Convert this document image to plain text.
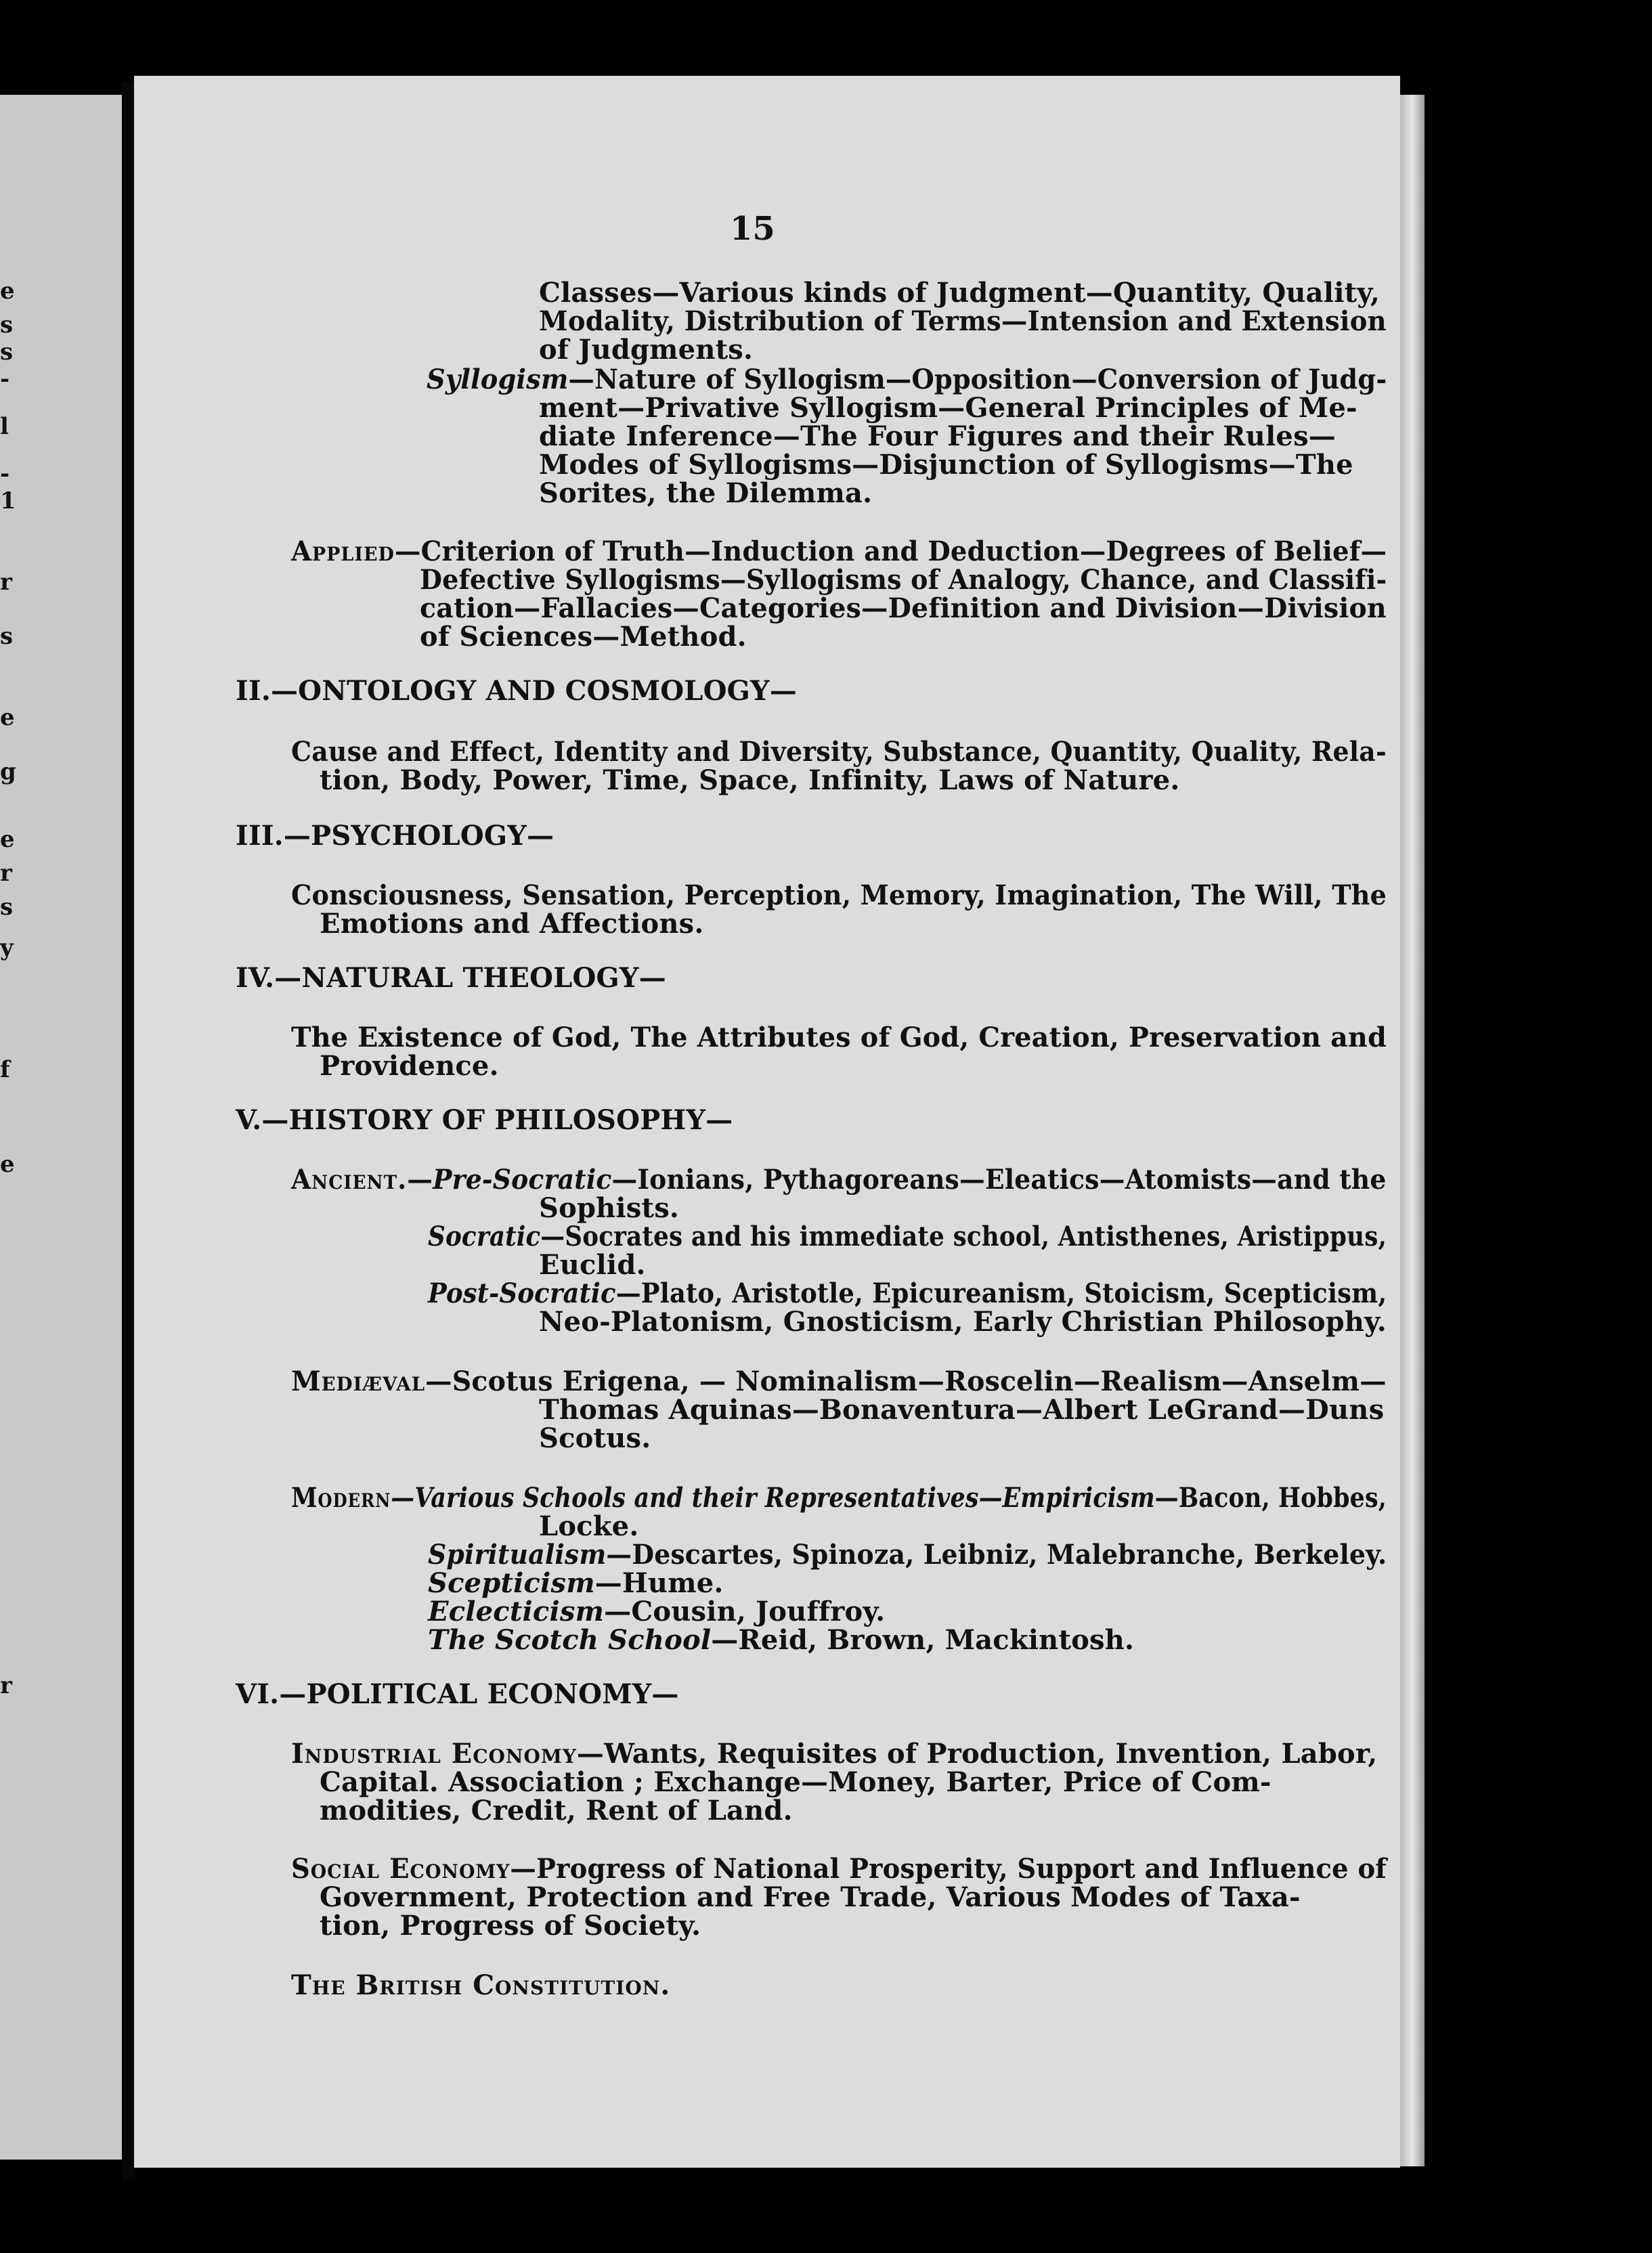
e
s
s
-
l
-
1
r
s
e
g
e
r
s
y
f
e
r
15
Classes—Various kinds of Judgment—Quantity, Quality,
Modality, Distribution of Terms—Intension and Extension
of Judgments.
Syllogism—Nature of Syllogism—Opposition—Conversion of Judg-
ment—Privative Syllogism—General Principles of Me-
diate Inference—The Four Figures and their Rules—
Modes of Syllogisms—Disjunction of Syllogisms—The
Sorites, the Dilemma.
Applied—Criterion of Truth—Induction and Deduction—Degrees of Belief—
Defective Syllogisms—Syllogisms of Analogy, Chance, and Classifi-
cation—Fallacies—Categories—Definition and Division—Division
of Sciences—Method.
II.—ONTOLOGY AND COSMOLOGY—
Cause and Effect, Identity and Diversity, Substance, Quantity, Quality, Rela-
tion, Body, Power, Time, Space, Infinity, Laws of Nature.
III.—PSYCHOLOGY—
Consciousness, Sensation, Perception, Memory, Imagination, The Will, The
Emotions and Affections.
IV.—NATURAL THEOLOGY—
The Existence of God, The Attributes of God, Creation, Preservation and
Providence.
V.—HISTORY OF PHILOSOPHY—
Ancient.—Pre-Socratic—Ionians, Pythagoreans—Eleatics—Atomists—and the
Sophists.
Socratic—Socrates and his immediate school, Antisthenes, Aristippus,
Euclid.
Post-Socratic—Plato, Aristotle, Epicureanism, Stoicism, Scepticism,
Neo-Platonism, Gnosticism, Early Christian Philosophy.
Mediæval—Scotus Erigena, — Nominalism—Roscelin—Realism—Anselm—
Thomas Aquinas—Bonaventura—Albert LeGrand—Duns
Scotus.
Modern—Various Schools and their Representatives—Empiricism—Bacon, Hobbes,
Locke.
Spiritualism—Descartes, Spinoza, Leibniz, Malebranche, Berkeley.
Scepticism—Hume.
Eclecticism—Cousin, Jouffroy.
The Scotch School—Reid, Brown, Mackintosh.
VI.—POLITICAL ECONOMY—
Industrial Economy—Wants, Requisites of Production, Invention, Labor,
Capital. Association ; Exchange—Money, Barter, Price of Com-
modities, Credit, Rent of Land.
Social Economy—Progress of National Prosperity, Support and Influence of
Government, Protection and Free Trade, Various Modes of Taxa-
tion, Progress of Society.
The British Constitution.
